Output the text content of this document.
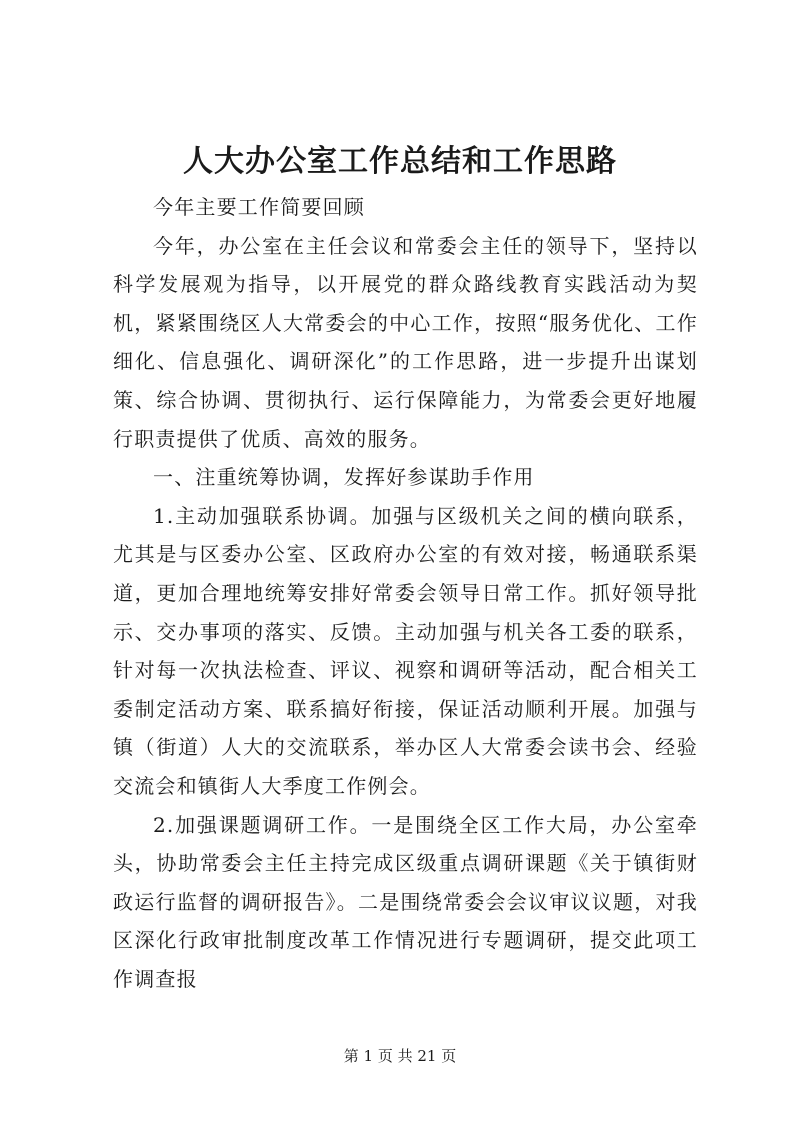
人大办公室工作总结和工作思路

今年主要工作简要回顾

今年，办公室在主任会议和常委会主任的领导下，坚持以科学发展观为指导，以开展党的群众路线教育实践活动为契机，紧紧围绕区人大常委会的中心工作，按照“服务优化、工作细化、信息强化、调研深化”的工作思路，进一步提升出谋划策、综合协调、贯彻执行、运行保障能力，为常委会更好地履行职责提供了优质、高效的服务。

一、注重统筹协调，发挥好参谋助手作用

1.主动加强联系协调。加强与区级机关之间的横向联系，尤其是与区委办公室、区政府办公室的有效对接，畅通联系渠道，更加合理地统筹安排好常委会领导日常工作。抓好领导批示、交办事项的落实、反馈。主动加强与机关各工委的联系，针对每一次执法检查、评议、视察和调研等活动，配合相关工委制定活动方案、联系搞好衔接，保证活动顺利开展。加强与镇（街道）人大的交流联系，举办区人大常委会读书会、经验交流会和镇街人大季度工作例会。

2.加强课题调研工作。一是围绕全区工作大局，办公室牵头，协助常委会主任主持完成区级重点调研课题《关于镇街财政运行监督的调研报告》。二是围绕常委会会议审议议题，对我区深化行政审批制度改革工作情况进行专题调研，提交此项工作调查报

第 1 页 共 21 页
